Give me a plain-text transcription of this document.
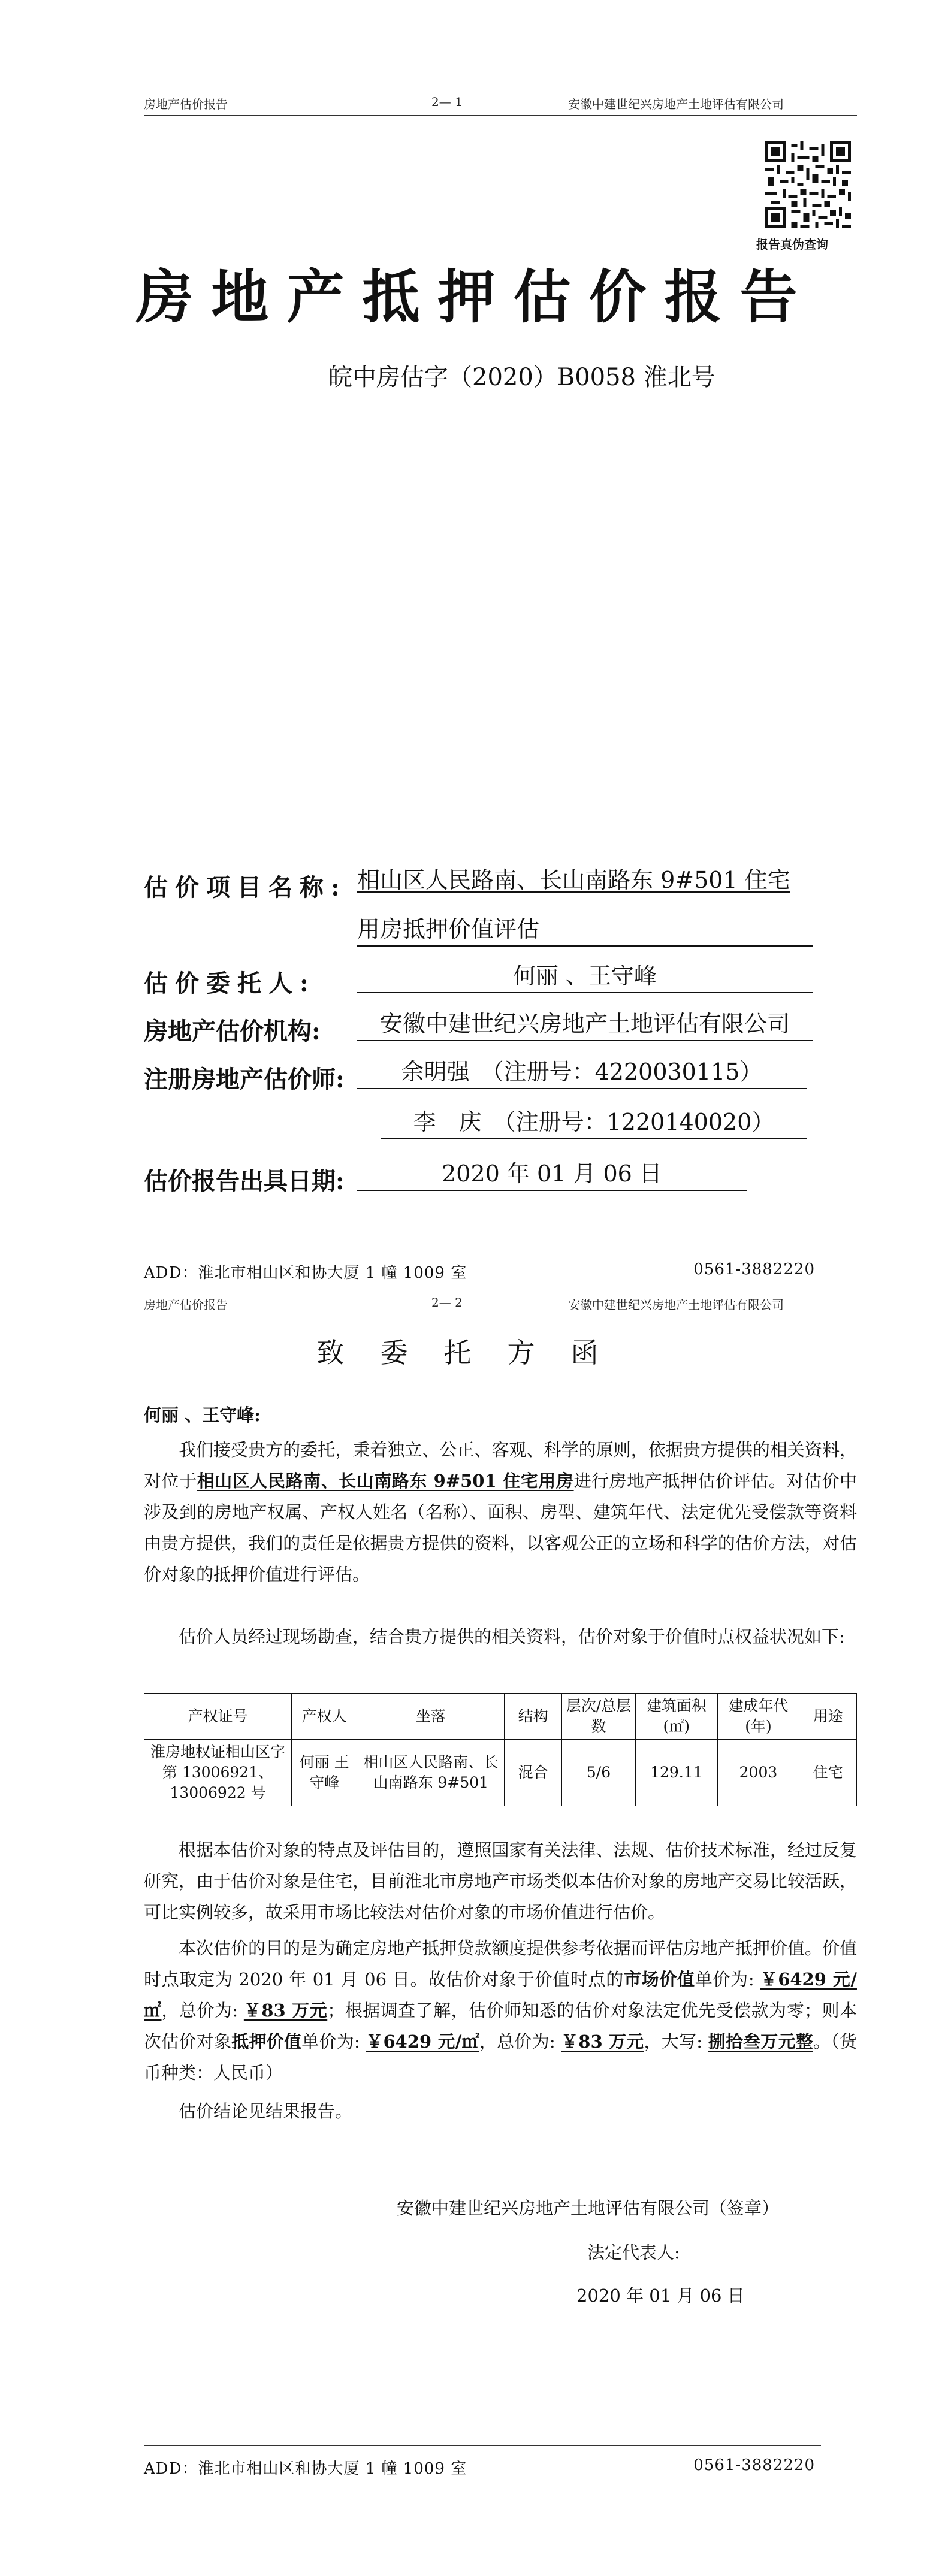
房地产估价报告	2— 1	安徽中建世纪兴房地产土地评估有限公司
报告真伪查询
房地产抵押估价报告
皖中房估字（2020）B0058 淮北号
估价项目名称: 相山区人民路南、长山南路东 9#501 住宅
用房抵押价值评估
估价委托人:	何丽 、王守峰
房地产估价机构:	安徽中建世纪兴房地产土地评估有限公司
注册房地产估价师:	余明强　（注册号：4220030115）
李　庆　（注册号：1220140020）
估价报告出具日期:	2020 年 01 月 06 日
ADD：淮北市相山区和协大厦 1 幢 1009 室	0561-3882220
房地产估价报告	2— 2	安徽中建世纪兴房地产土地评估有限公司
致委托方函
何丽 、王守峰:
我们接受贵方的委托，秉着独立、公正、客观、科学的原则，依据贵方提供的相关资料，对位于相山区人民路南、长山南路东 9#501 住宅用房进行房地产抵押估价评估。对估价中涉及到的房地产权属、产权人姓名（名称）、面积、房型、建筑年代、法定优先受偿款等资料由贵方提供，我们的责任是依据贵方提供的资料，以客观公正的立场和科学的估价方法，对估价对象的抵押价值进行评估。
估价人员经过现场勘查，结合贵方提供的相关资料，估价对象于价值时点权益状况如下:
产权证号	产权人	坐落	结构	层次/总层数	建筑面积(㎡)	建成年代(年)	用途
淮房地权证相山区字第 13006921、13006922 号	何丽 王守峰	相山区人民路南、长山南路东 9#501	混合	5/6	129.11	2003	住宅
根据本估价对象的特点及评估目的，遵照国家有关法律、法规、估价技术标准，经过反复研究，由于估价对象是住宅，目前淮北市房地产市场类似本估价对象的房地产交易比较活跃，可比实例较多，故采用市场比较法对估价对象的市场价值进行估价。
本次估价的目的是为确定房地产抵押贷款额度提供参考依据而评估房地产抵押价值。价值时点取定为 2020 年 01 月 06 日。故估价对象于价值时点的市场价值单价为: ￥6429 元/㎡，总价为: ￥83 万元；根据调查了解，估价师知悉的估价对象法定优先受偿款为零；则本次估价对象抵押价值单价为: ￥6429 元/㎡，总价为: ￥83 万元，大写: 捌拾叁万元整。（货币种类：人民币）
估价结论见结果报告。
安徽中建世纪兴房地产土地评估有限公司（签章）
法定代表人:
2020 年 01 月 06 日
ADD：淮北市相山区和协大厦 1 幢 1009 室	0561-3882220
